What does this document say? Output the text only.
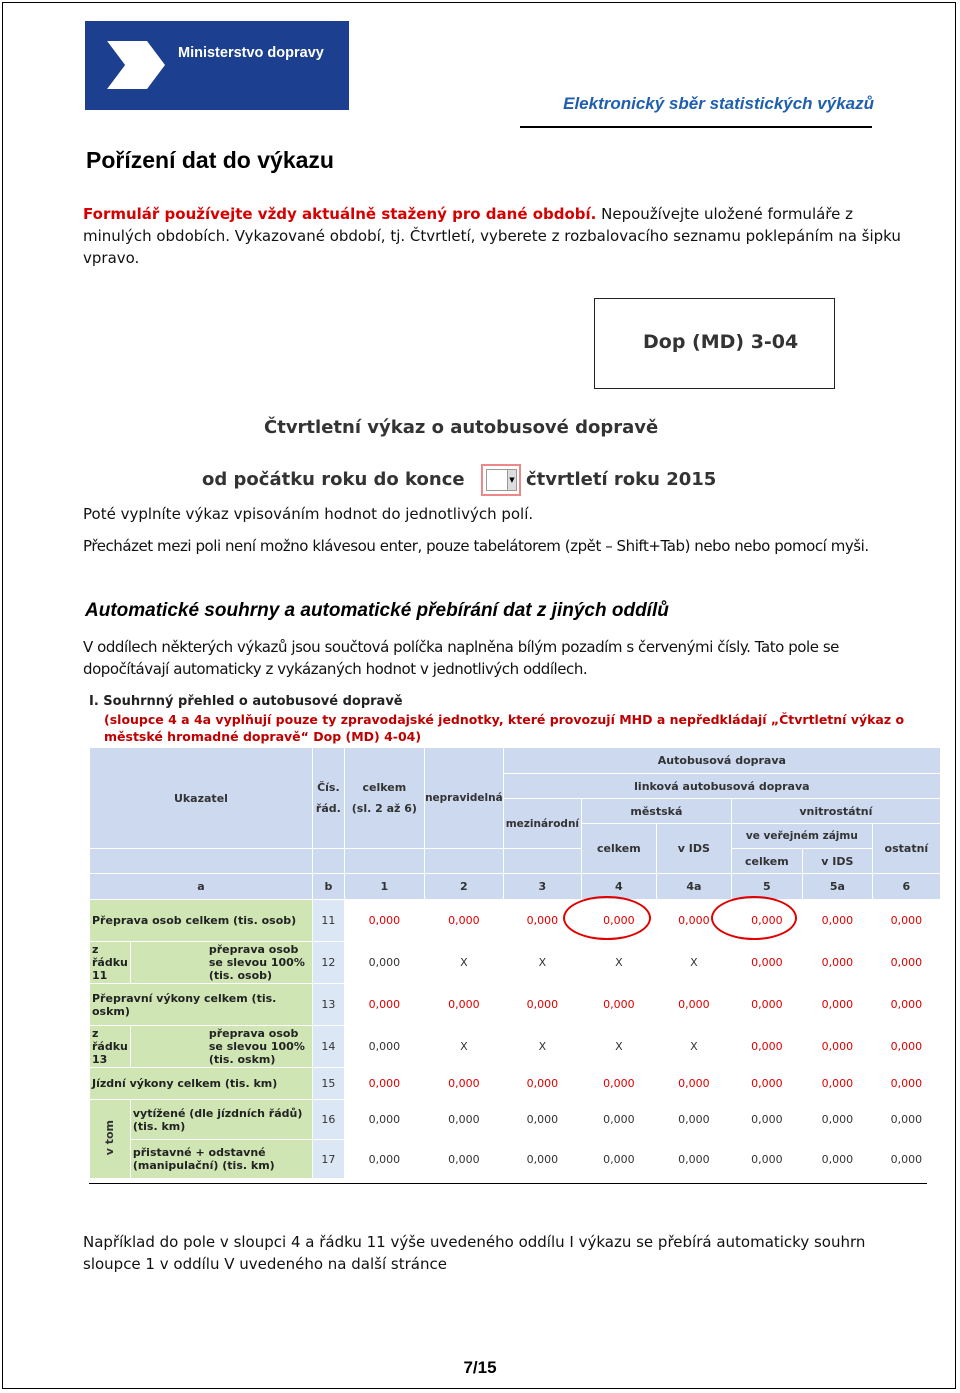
Ministerstvo dopravy
Elektronický sběr statistických výkazů
Pořízení dat do výkazu
Formulář používejte vždy aktuálně stažený pro dané období. Nepoužívejte uložené formuláře z minulých obdobích. Vykazované období, tj. Čtvrtletí, vyberete z rozbalovacího seznamu poklepáním na šipku vpravo.
Dop (MD) 3-04
Čtvrtletní výkaz o autobusové dopravě
od počátku roku do konce	▼ čtvrtletí roku 2015
Poté vyplníte výkaz vpisováním hodnot do jednotlivých polí.
Přecházet mezi poli není možno klávesou enter, pouze tabelátorem (zpět – Shift+Tab) nebo nebo pomocí myši.
Automatické souhrny a automatické přebírání dat z jiných oddílů
V oddílech některých výkazů jsou součtová políčka naplněna bílým pozadím s červenými čísly. Tato pole se dopočítávají automaticky z vykázaných hodnot v jednotlivých oddílech.
I. Souhrnný přehled o autobusové dopravě
(sloupce 4 a 4a vyplňují pouze ty zpravodajské jednotky, které provozují MHD a nepředkládají „Čtvrtletní výkaz o městské hromadné dopravě“ Dop (MD) 4-04)
Ukazatel		Čís.
řád.	celkem
(sl. 2 až 6)	nepravidelná	Autobusová doprava					
					linková autobusová doprava					
					mezinárodní	městská		vnitrostátní		
						celkem	v IDS	ve veřejném zájmu		ostatní
								celkem	v IDS	
a		b	1	2	3	4	4a	5	5a	6
Přeprava osob celkem (tis. osob)		11	0,000	0,000	0,000	0,000	0,000	0,000	0,000	0,000
z řádku 11	přeprava osob se slevou 100% (tis. osob)	12	0,000	X	X	X	X	0,000	0,000	0,000
Přepravní výkony celkem (tis. oskm)		13	0,000	0,000	0,000	0,000	0,000	0,000	0,000	0,000
z řádku 13	přeprava osob se slevou 100% (tis. oskm)	14	0,000	X	X	X	X	0,000	0,000	0,000
Jízdní výkony celkem (tis. km)		15	0,000	0,000	0,000	0,000	0,000	0,000	0,000	0,000
v tom	vytížené (dle jízdních řádů) (tis. km)	16	0,000	0,000	0,000	0,000	0,000	0,000	0,000	0,000
	přistavné + odstavné (manipulační) (tis. km)	17	0,000	0,000	0,000	0,000	0,000	0,000	0,000	0,000
Například do pole v sloupci 4 a řádku 11 výše uvedeného oddílu I výkazu se přebírá automaticky souhrn sloupce 1 v oddílu V uvedeného na další stránce
7/15
